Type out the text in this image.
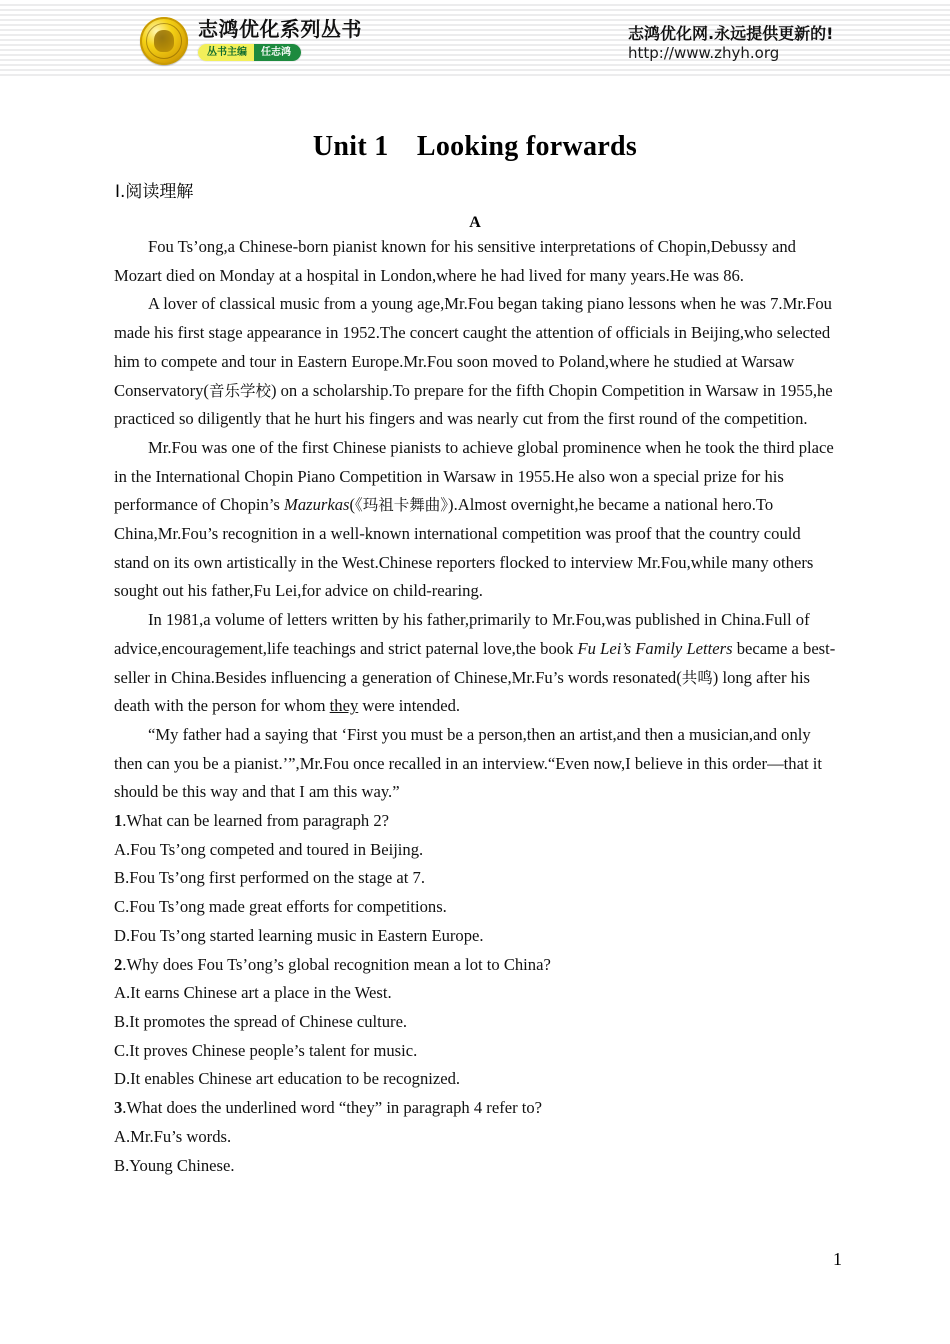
志鸿优化系列丛书
丛书主编	任志鸿
志鸿优化网.永远提供更新的!
http://www.zhyh.org
Unit 1　Looking forwards
Ⅰ.阅读理解
A

Fou Ts’ong,a Chinese-born pianist known for his sensitive interpretations of Chopin,Debussy and Mozart died on Monday at a hospital in London,where he had lived for many years.He was 86.

A lover of classical music from a young age,Mr.Fou began taking piano lessons when he was 7.Mr.Fou made his first stage appearance in 1952.The concert caught the attention of officials in Beijing,who selected him to compete and tour in Eastern Europe.Mr.Fou soon moved to Poland,where he studied at Warsaw Conservatory(音乐学校) on a scholarship.To prepare for the fifth Chopin Competition in Warsaw in 1955,he practiced so diligently that he hurt his fingers and was nearly cut from the first round of the competition.

Mr.Fou was one of the first Chinese pianists to achieve global prominence when he took the third place in the International Chopin Piano Competition in Warsaw in 1955.He also won a special prize for his performance of Chopin’s Mazurkas(《玛祖卡舞曲》).Almost overnight,he became a national hero.To China,Mr.Fou’s recognition in a well-known international competition was proof that the country could stand on its own artistically in the West.Chinese reporters flocked to interview Mr.Fou,while many others sought out his father,Fu Lei,for advice on child-rearing.

In 1981,a volume of letters written by his father,primarily to Mr.Fou,was published in China.Full of advice,encouragement,life teachings and strict paternal love,the book Fu Lei’s Family Letters became a best-seller in China.Besides influencing a generation of Chinese,Mr.Fu’s words resonated(共鸣) long after his death with the person for whom they were intended.

“My father had a saying that ‘First you must be a person,then an artist,and then a musician,and only then can you be a pianist.’”,Mr.Fou once recalled in an interview.“Even now,I believe in this order—that it should be this way and that I am this way.”

1.What can be learned from paragraph 2?

A.Fou Ts’ong competed and toured in Beijing.

B.Fou Ts’ong first performed on the stage at 7.

C.Fou Ts’ong made great efforts for competitions.

D.Fou Ts’ong started learning music in Eastern Europe.

2.Why does Fou Ts’ong’s global recognition mean a lot to China?

A.It earns Chinese art a place in the West.

B.It promotes the spread of Chinese culture.

C.It proves Chinese people’s talent for music.

D.It enables Chinese art education to be recognized.

3.What does the underlined word “they” in paragraph 4 refer to?

A.Mr.Fu’s words.

B.Young Chinese.

1
